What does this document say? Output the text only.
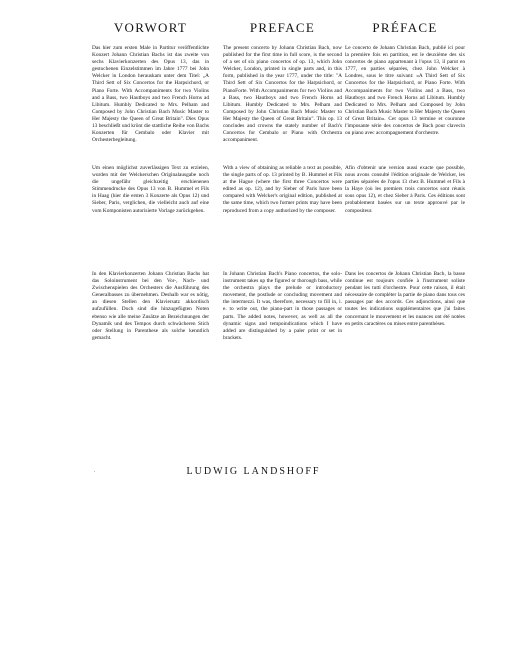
VORWORT

Das hier zum ersten Male in Partitur veröffentlichte Konzert Johann Christian Bachs ist das zweite von sechs Klavierkonzerten des Opus 13, das in gestochenen Einzelstimmen im Jahre 1777 bei John Welcker in London herauskam unter dem Titel: „A Third Sett of Six Concertos for the Harpsichord, or Piano Forte. With Accompaniments for two Violins and a Bass, two Hautboys and two French Horns ad Libitum. Humbly Dedicated to Mrs. Pelham and Composed by John Christian Bach Music Master to Her Majesty the Queen of Great Britain". Dies Opus 13 beschließt und krönt die stattliche Reihe von Bachs Konzerten für Cembalo oder Klavier mit Orchesterbegleitung.

Um einen möglichst zuverlässigen Text zu erzielen, wurden mit der Welckerschen Originalausgabe noch die ungefähr gleichzeitig erschienenen Stimmendrucke des Opus 13 von B. Hummel et Fils in Haag (hier die ersten 3 Konzerte als Opus 12) und Sieber, Paris, verglichen, die vielleicht auch auf eine vom Komponisten autorisierte Vorlage zurückgehen.

In den Klavierkonzerten Johann Christian Bachs hat das Soloinstrument bei den Vor-, Nach- und Zwischenspielen des Orchesters die Ausführung des Generalbasses zu übernehmen. Deshalb war es nötig, an diesen Stellen den Klaviersatz akkordisch aufzufüllen. Doch sind die hinzugefügten Noten ebenso wie alle meine Zusätze an Bezeichnungen der Dynamik und des Tempos durch schwächeren Stich oder Stellung in Parenthese als solche kenntlich gemacht.

PREFACE

The present concerto by Johann Christian Bach, now published for the first time in full score, is the second of a set of six piano concertos of op. 13, which John Welcker, London, printed in single parts and, in this form, published in the year 1777, under the title: "A Third Sett of Six Concertos for the Harpsichord, or PianoForte. With Accompaniments for two Violins and a Bass, two Hautboys and two French Horns ad Libitum. Humbly Dedicated to Mrs. Pelham and Composed by John Christian Bach Music Master to Her Majesty the Queen of Great Britain". This op. 13 concludes and crowns the stately number of Bach's Concertos for Cembalo or Piano with Orchestra accompaniment.

With a view of obtaining as reliable a text as possible, the single parts of op. 13 printed by B. Hummel et Fils at the Hague (where the first three Concertos were edited as op. 12), and by Sieber of Paris have been compared with Welcker's original edition, published at the same time, which two former prints may have been reproduced from a copy authorized by the composer.

In Johann Christian Bach's Piano concertos, the solo-instrument takes up the figured or thorough bass, while the orchestra plays the prelude or introductory movement, the postlude or concluding movement and the intermezzi. It was, therefore, necessary to fill in, i. e. to write out, the piano-part in those passages or parts. The added notes, however, as well as all the dynamic signs and tempoindications which I have added are distinguished by a paler print or set in brackets.

PRÉFACE

Le concerto de Johann Christian Bach, publié ici pour la première fois en partition, est le deuxième des six concertos de piano appartenant à l'opus 13, il parut en 1777, en parties séparées, chez John Welcker à Londres, sous le titre suivant: «A Third Sett of Six Concertos for the Harpsichord, or Piano Forte. With Accompaniments for two Violins and a Bass, two Hautboys and two French Horns ad Libitum. Humbly Dedicated to Mrs. Pelham and Composed by John Christian Bach Music Master to Her Majesty the Queen of Great Britain». Cet opus 13 termine et couronne l'imposante série des concertos de Bach pour clavecin ou piano avec accompagnement d'orchestre.

Afin d'obtenir une version aussi exacte que possible, nous avons consulté l'édition originale de Welcker, les parties séparées de l'opus 13 chez B. Hummel et Fils à la Haye (où les premiers trois concertos sont réunis sous opus 12), et chez Sieber à Paris. Ces éditions sont probablement basées sur un texte approuvé par le compositeur.

Dans les concertos de Johann Christian Bach, la basse continue est toujours confiée à l'instrument soliste pendant les tutti d'orchestre. Pour cette raison, il était nécessaire de compléter la partie de piano dans tous ces passages par des accords. Ces adjonctions, ainsi que toutes les indications supplémentaires que j'ai faites concernant le mouvement et les nuances ont été notées en petits caractères ou mises entre parenthèses.

.	LUDWIG LANDSHOFF
